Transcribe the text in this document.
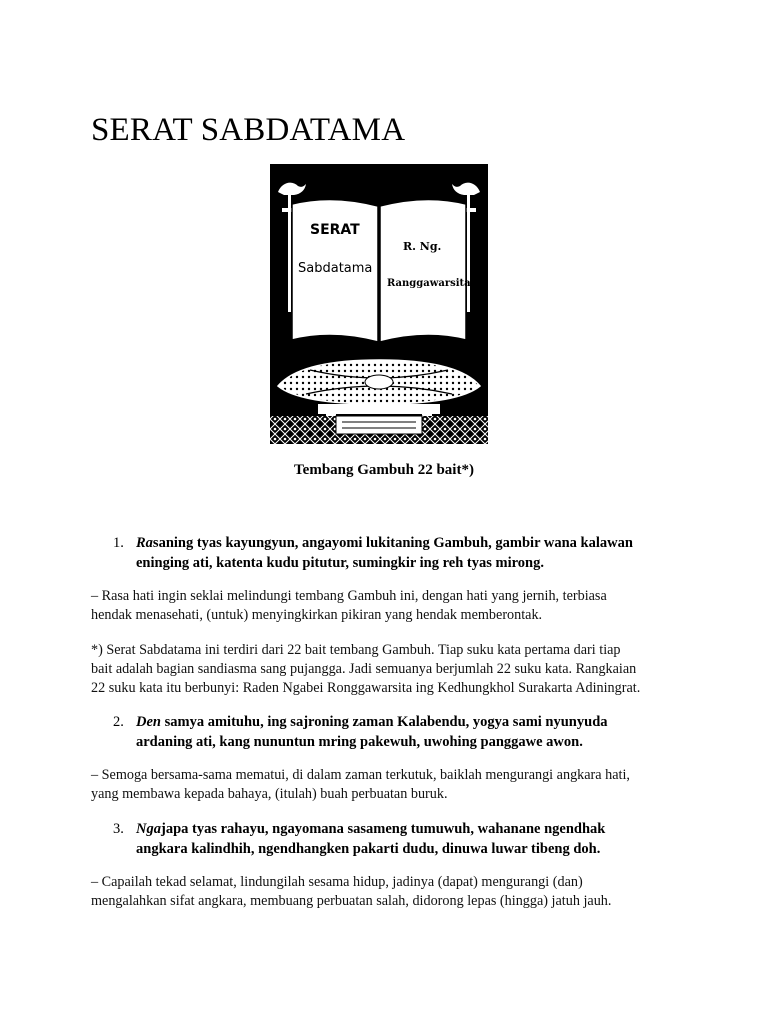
SERAT SABDATAMA
SERAT
Sabdatama
R. Ng.
Ranggawarsita
Tembang Gambuh 22 bait*)
1. Rasaning tyas kayungyun, angayomi lukitaning Gambuh, gambir wana kalawan
eninging ati, katenta kudu pitutur, sumingkir ing reh tyas mirong.
– Rasa hati ingin seklai melindungi tembang Gambuh ini, dengan hati yang jernih, terbiasa
hendak menasehati, (untuk) menyingkirkan pikiran yang hendak memberontak.
*) Serat Sabdatama ini terdiri dari 22 bait tembang Gambuh. Tiap suku kata pertama dari tiap
bait adalah bagian sandiasma sang pujangga. Jadi semuanya berjumlah 22 suku kata. Rangkaian
22 suku kata itu berbunyi: Raden Ngabei Ronggawarsita ing Kedhungkhol Surakarta Adiningrat.
2. Den samya amituhu, ing sajroning zaman Kalabendu, yogya sami nyunyuda
ardaning ati, kang nununtun mring pakewuh, uwohing panggawe awon.
– Semoga bersama-sama mematui, di dalam zaman terkutuk, baiklah mengurangi angkara hati,
yang membawa kepada bahaya, (itulah) buah perbuatan buruk.
3. Ngajapa tyas rahayu, ngayomana sasameng tumuwuh, wahanane ngendhak
angkara kalindhih, ngendhangken pakarti dudu, dinuwa luwar tibeng doh.
– Capailah tekad selamat, lindungilah sesama hidup, jadinya (dapat) mengurangi (dan)
mengalahkan sifat angkara, membuang perbuatan salah, didorong lepas (hingga) jatuh jauh.
